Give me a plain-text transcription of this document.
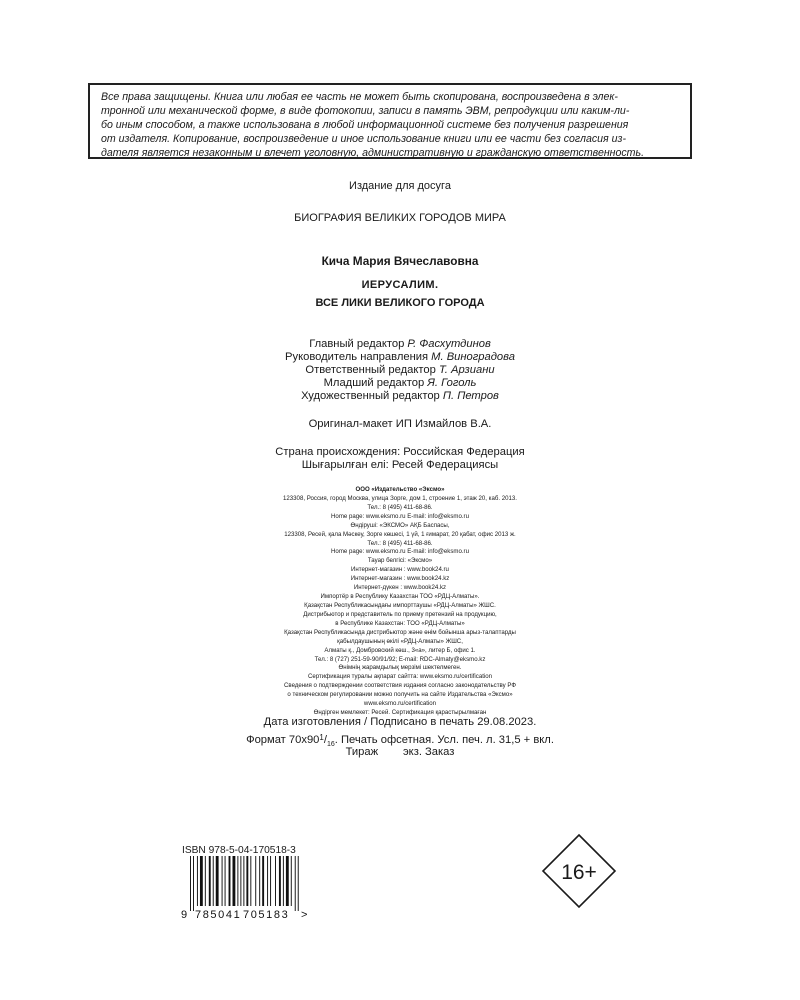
Все права защищены. Книга или любая ее часть не может быть скопирована, воспроизведена в элек-
тронной или механической форме, в виде фотокопии, записи в память ЭВМ, репродукции или каким-ли-
бо иным способом, а также использована в любой информационной системе без получения разрешения
от издателя. Копирование, воспроизведение и иное использование книги или ее части без согласия из-
дателя является незаконным и влечет уголовную, административную и гражданскую ответственность.
Издание для досуга
БИОГРАФИЯ ВЕЛИКИХ ГОРОДОВ МИРА
Кича Мария Вячеславовна
ИЕРУСАЛИМ.
ВСЕ ЛИКИ ВЕЛИКОГО ГОРОДА
Главный редактор Р. Фасхутдинов
Руководитель направления М. Виноградова
Ответственный редактор Т. Арзиани
Младший редактор Я. Гоголь
Художественный редактор П. Петров
Оригинал-макет ИП Измайлов В.А.
Страна происхождения: Российская Федерация
Шығарылған елі: Ресей Федерациясы
ООО «Издательство «Эксмо»
123308, Россия, город Москва, улица Зорге, дом 1, строение 1, этаж 20, каб. 2013.
Тел.: 8 (495) 411-68-86.
Home page: www.eksmo.ru E-mail: info@eksmo.ru
Өндіруші: «ЭКСМО» АҚБ Баспасы,
123308, Ресей, қала Мәскеу, Зорге көшесі, 1 үй, 1 ғимарат, 20 қабат, офис 2013 ж.
Тел.: 8 (495) 411-68-86.
Home page: www.eksmo.ru E-mail: info@eksmo.ru
Тауар белгісі: «Эксмо»
Интернет-магазин : www.book24.ru
Интернет-магазин : www.book24.kz
Интернет-дүкен : www.book24.kz
Импортёр в Республику Казахстан ТОО «РДЦ-Алматы».
Қазақстан Республикасындағы импорттаушы «РДЦ-Алматы» ЖШС.
Дистрибьютор и представитель по приему претензий на продукцию,
в Республике Казахстан: ТОО «РДЦ-Алматы»
Қазақстан Республикасында дистрибьютор және өнім бойынша арыз-талаптарды
қабылдаушының өкілі «РДЦ-Алматы» ЖШС,
Алматы қ., Домбровский көш., 3«а», литер Б, офис 1.
Тел.: 8 (727) 251-59-90/91/92; E-mail: RDC-Almaty@eksmo.kz
Өнімнің жарамдылық мерзімі шектелмеген.
Сертификация туралы ақпарат сайтта: www.eksmo.ru/certification
Сведения о подтверждении соответствия издания согласно законодательству РФ
о техническом регулировании можно получить на сайте Издательства «Эксмо»
www.eksmo.ru/certification
Өндірген мемлекет: Ресей. Сертификация қарастырылмаған
Дата изготовления / Подписано в печать 29.08.2023.
Формат $70х90^1/_{16}$. Печать офсетная. Усл. печ. л. 31,5 + вкл.
Тираж        экз. Заказ
ISBN 978-5-04-170518-3
9 785041 705183 >
16+
